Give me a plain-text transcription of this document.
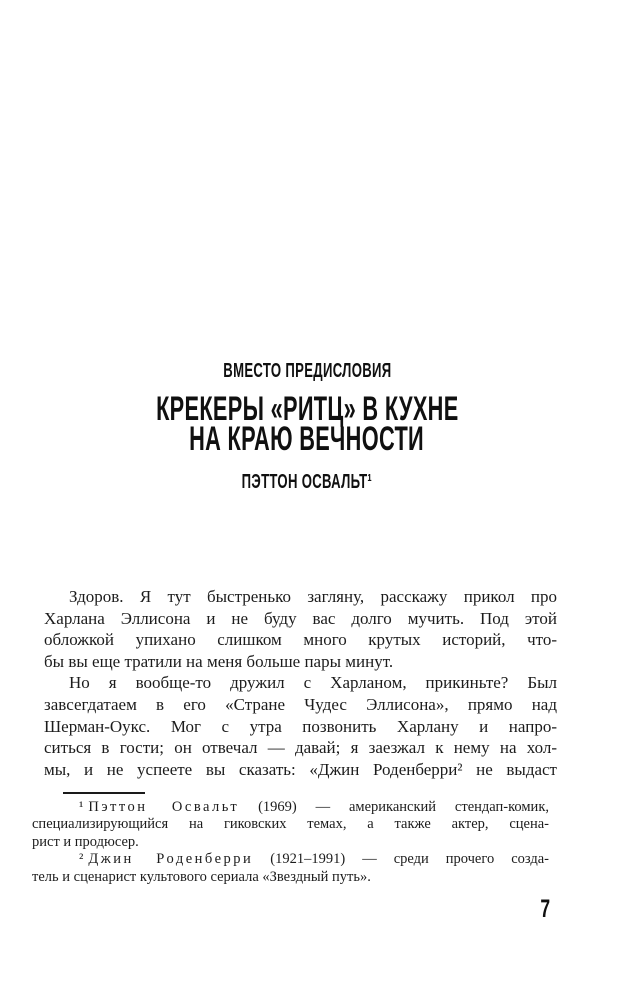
ВМЕСТО ПРЕДИСЛОВИЯ
КРЕКЕРЫ «РИТЦ» В КУХНЕ
НА КРАЮ ВЕЧНОСТИ
ПЭТТОН ОСВАЛЬТ¹
Здоров. Я тут быстренько загляну, расскажу прикол про
Харлана Эллисона и не буду вас долго мучить. Под этой
обложкой упихано слишком много крутых историй, что-
бы вы еще тратили на меня больше пары минут.
Но я вообще-то дружил с Харланом, прикиньте? Был
завсегдатаем в его «Стране Чудес Эллисона», прямо над
Шерман-Оукс. Мог с утра позвонить Харлану и напро-
ситься в гости; он отвечал — давай; я заезжал к нему на хол-
мы, и не успеете вы сказать: «Джин Роденберри² не выдаст
¹ Пэттон Освальт (1969) — американский стендап-комик,
специализирующийся на гиковских темах, а также актер, сцена-
рист и продюсер.
² Джин Роденберри (1921–1991) — среди прочего созда-
тель и сценарист культового сериала «Звездный путь».
7
